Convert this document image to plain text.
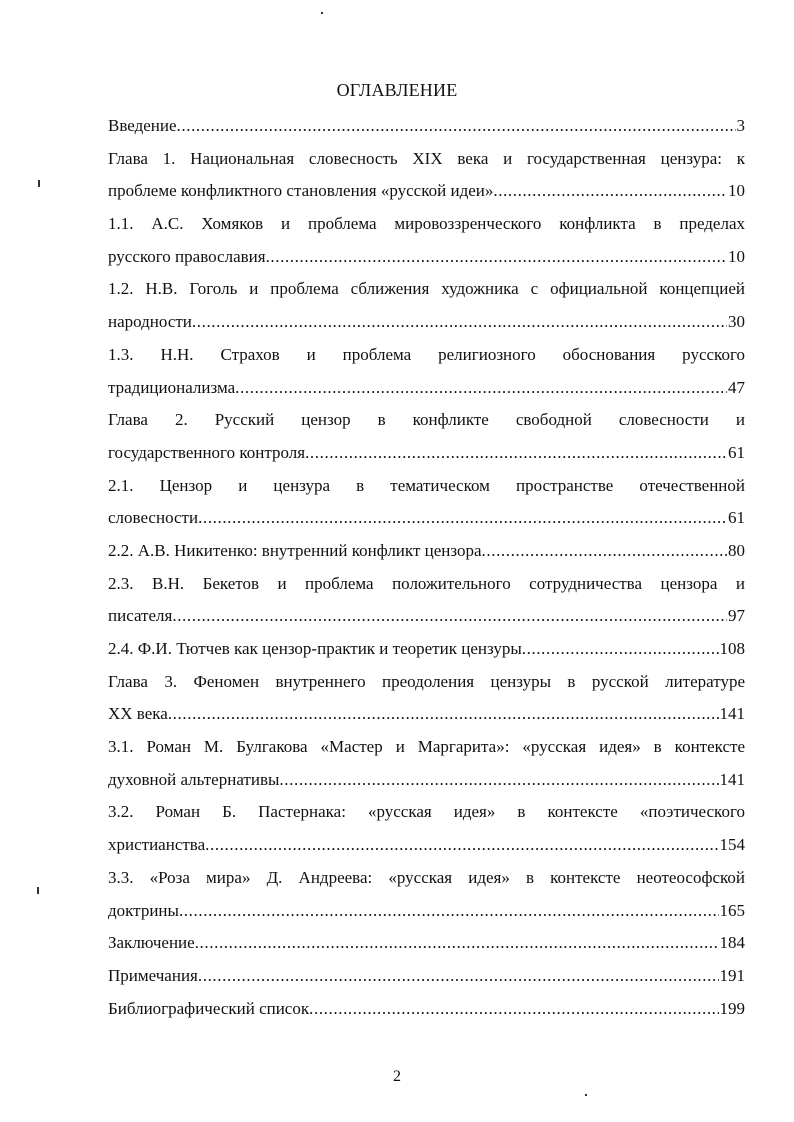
ОГЛАВЛЕНИЕ
Введение .....	3
Глава 1. Национальная словесность XIX века и государственная цензура: к
проблеме конфликтного становления «русской идеи» .....	10
1.1. А.С. Хомяков и проблема мировоззренческого конфликта в пределах
русского православия .....	10
1.2. Н.В. Гоголь и проблема сближения художника с официальной концепцией
народности .....	30
1.3. Н.Н. Страхов и проблема религиозного обоснования русского
традиционализма .....	47
Глава 2. Русский цензор в конфликте свободной словесности и
государственного контроля .....	61
2.1. Цензор и цензура в тематическом пространстве отечественной
словесности .....	61
2.2. А.В. Никитенко: внутренний конфликт цензора .....	80
2.3. В.Н. Бекетов и проблема положительного сотрудничества цензора и
писателя .....	97
2.4. Ф.И. Тютчев как цензор-практик и теоретик цензуры .....	108
Глава 3. Феномен внутреннего преодоления цензуры в русской литературе
XX века .....	141
3.1. Роман М. Булгакова «Мастер и Маргарита»: «русская идея» в контексте
духовной альтернативы .....	141
3.2. Роман Б. Пастернака: «русская идея» в контексте «поэтического
христианства .....	154
3.3. «Роза мира» Д. Андреева: «русская идея» в контексте неотеософской
доктрины .....	165
Заключение .....	184
Примечания .....	191
Библиографический список .....	199
2
